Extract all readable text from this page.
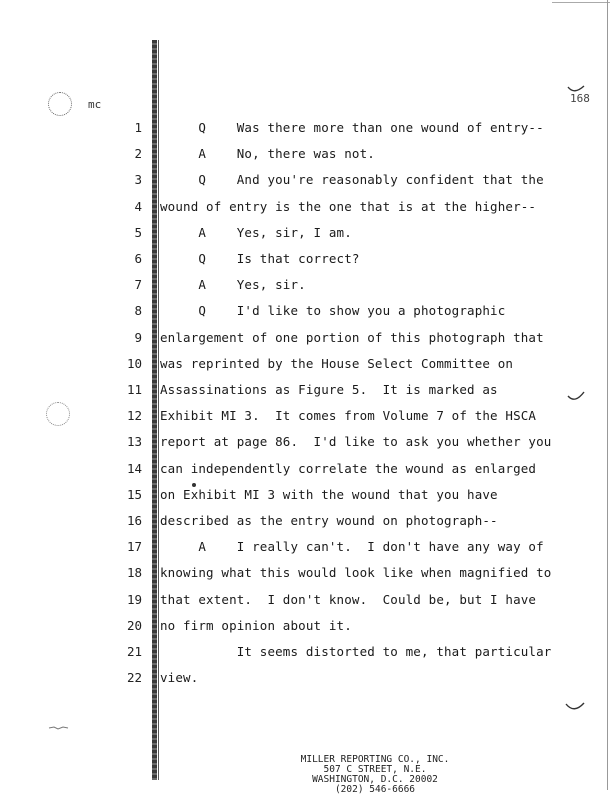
mc	168
1 Q    Was there more than one wound of entry--
2 A    No, there was not.
3 Q    And you're reasonably confident that the
4 wound of entry is the one that is at the higher--
5 A    Yes, sir, I am.
6 Q    Is that correct?
7 A    Yes, sir.
8 Q    I'd like to show you a photographic
9 enlargement of one portion of this photograph that
10 was reprinted by the House Select Committee on
11 Assassinations as Figure 5.  It is marked as
12 Exhibit MI 3.  It comes from Volume 7 of the HSCA
13 report at page 86.  I'd like to ask you whether you
14 can independently correlate the wound as enlarged
15 on Exhibit MI 3 with the wound that you have
16 described as the entry wound on photograph--
17 A    I really can't.  I don't have any way of
18 knowing what this would look like when magnified to
19 that extent.  I don't know.  Could be, but I have
20 no firm opinion about it.
21 It seems distorted to me, that particular
22 view.
MILLER REPORTING CO., INC.
507 C STREET, N.E.
WASHINGTON, D.C. 20002
(202) 546-6666
